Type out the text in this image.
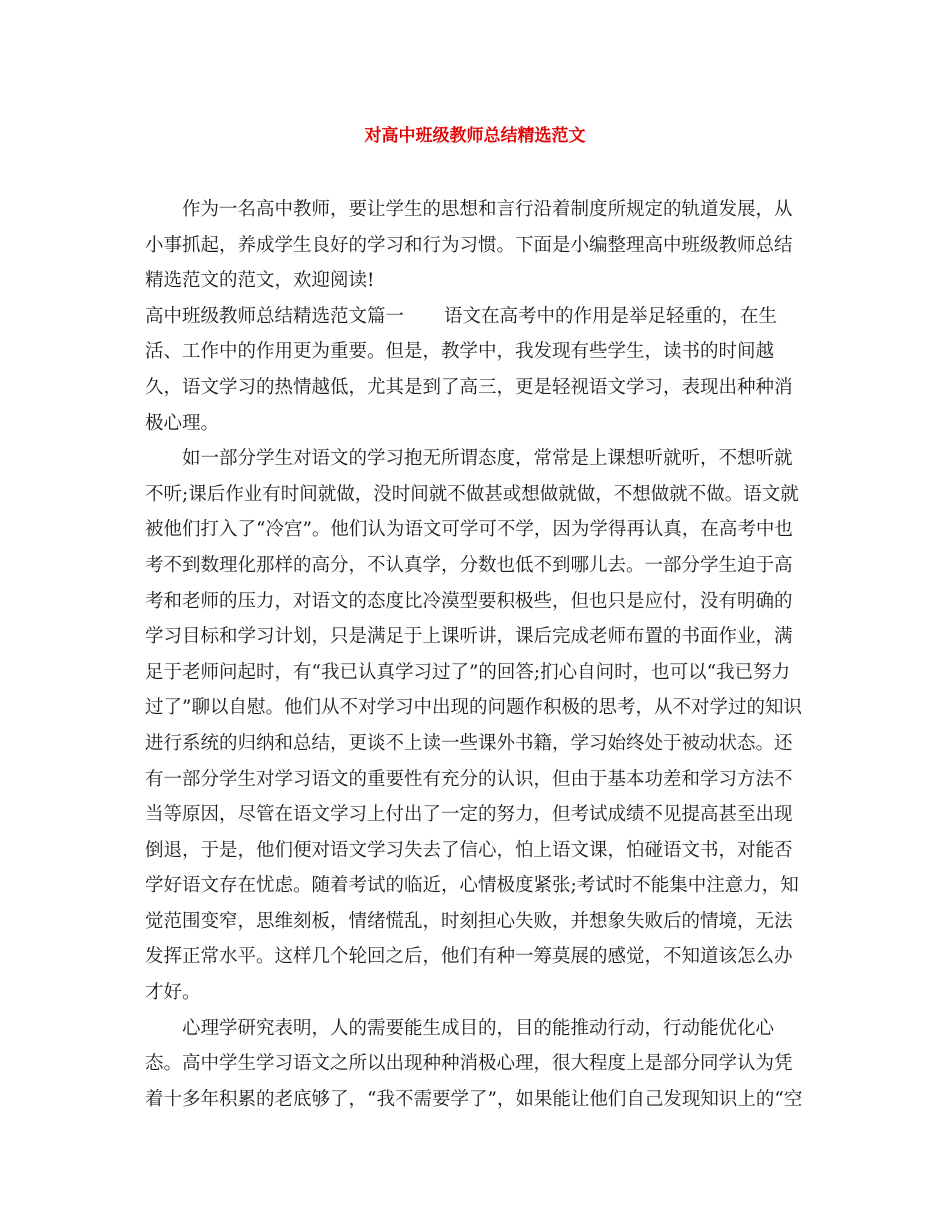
对高中班级教师总结精选范文

作为一名高中教师，要让学生的思想和言行沿着制度所规定的轨道发展，从小事抓起，养成学生良好的学习和行为习惯。下面是小编整理高中班级教师总结精选范文的范文，欢迎阅读!

高中班级教师总结精选范文篇一 语文在高考中的作用是举足轻重的，在生活、工作中的作用更为重要。但是，教学中，我发现有些学生，读书的时间越久，语文学习的热情越低，尤其是到了高三，更是轻视语文学习，表现出种种消极心理。

如一部分学生对语文的学习抱无所谓态度，常常是上课想听就听，不想听就不听;课后作业有时间就做，没时间就不做甚或想做就做，不想做就不做。语文就被他们打入了“冷宫”。他们认为语文可学可不学，因为学得再认真，在高考中也考不到数理化那样的高分，不认真学，分数也低不到哪儿去。一部分学生迫于高考和老师的压力，对语文的态度比冷漠型要积极些，但也只是应付，没有明确的学习目标和学习计划，只是满足于上课听讲，课后完成老师布置的书面作业，满足于老师问起时，有“我已认真学习过了”的回答;扪心自问时，也可以“我已努力过了”聊以自慰。他们从不对学习中出现的问题作积极的思考，从不对学过的知识进行系统的归纳和总结，更谈不上读一些课外书籍，学习始终处于被动状态。还有一部分学生对学习语文的重要性有充分的认识，但由于基本功差和学习方法不当等原因，尽管在语文学习上付出了一定的努力，但考试成绩不见提高甚至出现倒退，于是，他们便对语文学习失去了信心，怕上语文课，怕碰语文书，对能否学好语文存在忧虑。随着考试的临近，心情极度紧张;考试时不能集中注意力，知觉范围变窄，思维刻板，情绪慌乱，时刻担心失败，并想象失败后的情境，无法发挥正常水平。这样几个轮回之后，他们有种一筹莫展的感觉，不知道该怎么办才好。

心理学研究表明，人的需要能生成目的，目的能推动行动，行动能优化心态。高中学生学习语文之所以出现种种消极心理，很大程度上是部分同学认为凭着十多年积累的老底够了，“我不需要学了”，如果能让他们自己发现知识上的“空
